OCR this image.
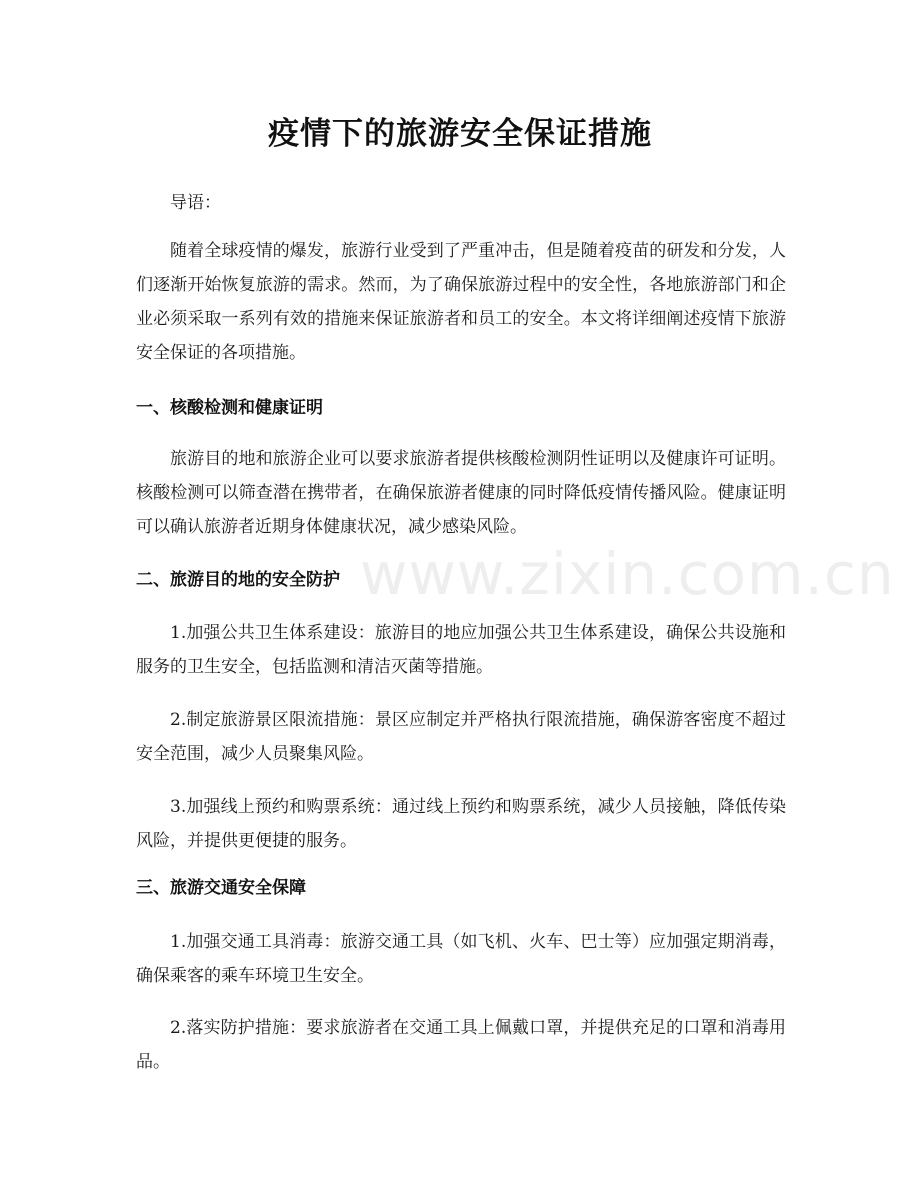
疫情下的旅游安全保证措施

导语：

随着全球疫情的爆发，旅游行业受到了严重冲击，但是随着疫苗的研发和分发，人们逐渐开始恢复旅游的需求。然而，为了确保旅游过程中的安全性，各地旅游部门和企业必须采取一系列有效的措施来保证旅游者和员工的安全。本文将详细阐述疫情下旅游安全保证的各项措施。

一、核酸检测和健康证明

旅游目的地和旅游企业可以要求旅游者提供核酸检测阴性证明以及健康许可证明。核酸检测可以筛查潜在携带者，在确保旅游者健康的同时降低疫情传播风险。健康证明可以确认旅游者近期身体健康状况，减少感染风险。

二、旅游目的地的安全防护

1.加强公共卫生体系建设：旅游目的地应加强公共卫生体系建设，确保公共设施和服务的卫生安全，包括监测和清洁灭菌等措施。

2.制定旅游景区限流措施：景区应制定并严格执行限流措施，确保游客密度不超过安全范围，减少人员聚集风险。

3.加强线上预约和购票系统：通过线上预约和购票系统，减少人员接触，降低传染风险，并提供更便捷的服务。

三、旅游交通安全保障

1.加强交通工具消毒：旅游交通工具（如飞机、火车、巴士等）应加强定期消毒，确保乘客的乘车环境卫生安全。

2.落实防护措施：要求旅游者在交通工具上佩戴口罩，并提供充足的口罩和消毒用品。

www.zixin.com.cn
